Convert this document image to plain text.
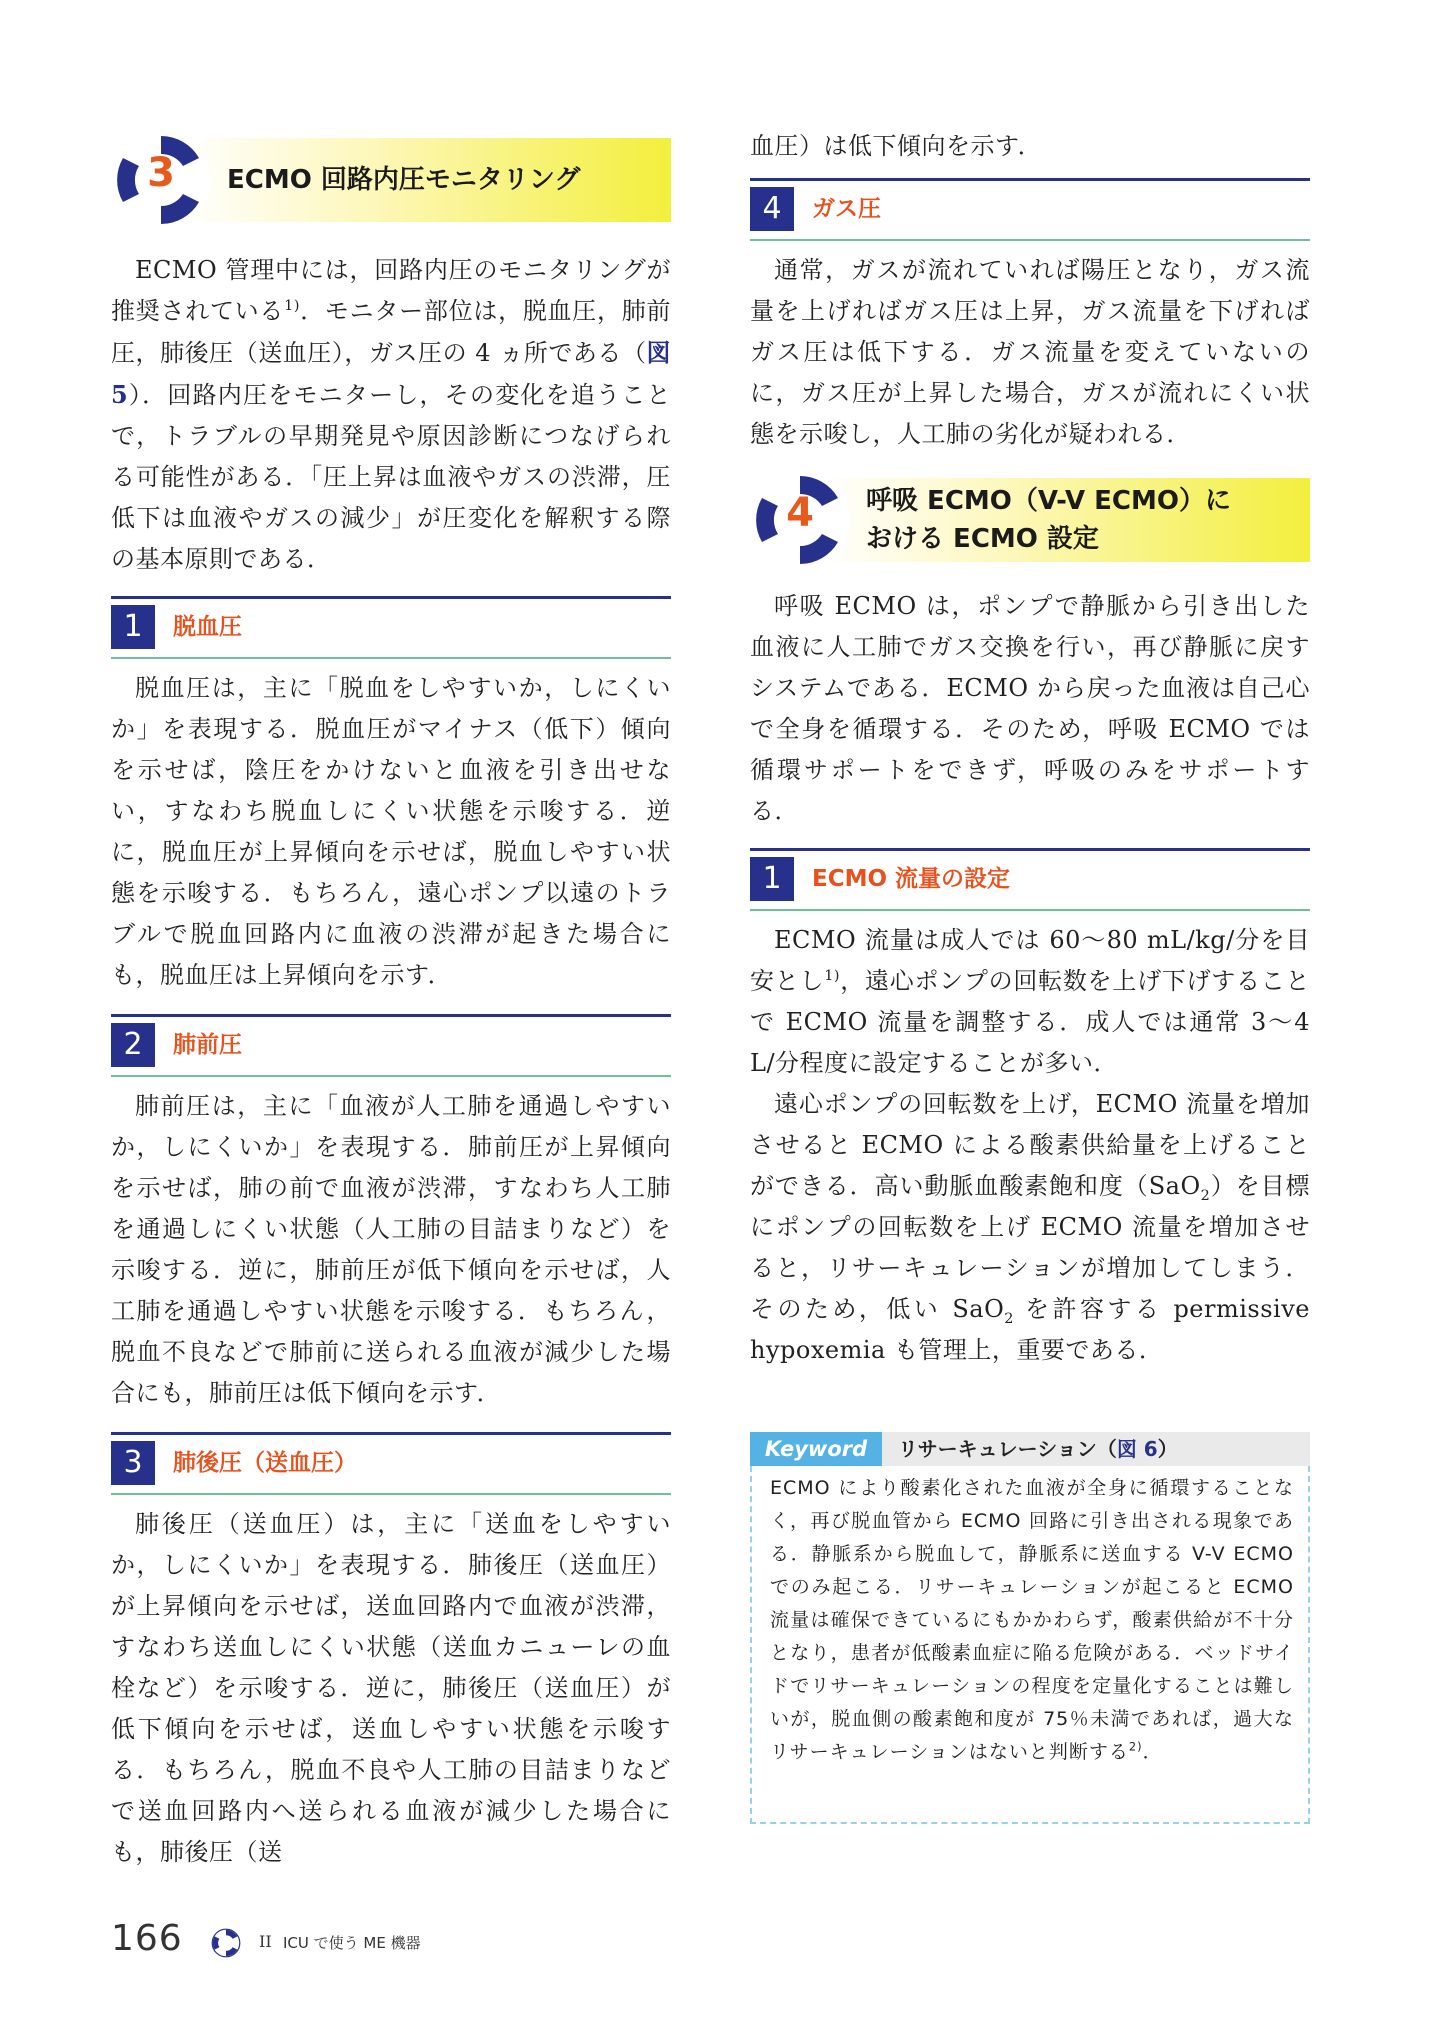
3	ECMO 回路内圧モニタリング

ECMO 管理中には，回路内圧のモニタリングが推奨されている$^{1)}$．モニター部位は，脱血圧，肺前圧，肺後圧（送血圧），ガス圧の 4 ヵ所である（図 5）．回路内圧をモニターし，その変化を追うことで，トラブルの早期発見や原因診断につなげられる可能性がある．「圧上昇は血液やガスの渋滞，圧低下は血液やガスの減少」が圧変化を解釈する際の基本原則である．

1	脱血圧

脱血圧は，主に「脱血をしやすいか，しにくいか」を表現する．脱血圧がマイナス（低下）傾向を示せば，陰圧をかけないと血液を引き出せない，すなわち脱血しにくい状態を示唆する．逆に，脱血圧が上昇傾向を示せば，脱血しやすい状態を示唆する．もちろん，遠心ポンプ以遠のトラブルで脱血回路内に血液の渋滞が起きた場合にも，脱血圧は上昇傾向を示す．

2	肺前圧

肺前圧は，主に「血液が人工肺を通過しやすいか，しにくいか」を表現する．肺前圧が上昇傾向を示せば，肺の前で血液が渋滞，すなわち人工肺を通過しにくい状態（人工肺の目詰まりなど）を示唆する．逆に，肺前圧が低下傾向を示せば，人工肺を通過しやすい状態を示唆する．もちろん，脱血不良などで肺前に送られる血液が減少した場合にも，肺前圧は低下傾向を示す．

3	肺後圧（送血圧）

肺後圧（送血圧）は，主に「送血をしやすいか，しにくいか」を表現する．肺後圧（送血圧）が上昇傾向を示せば，送血回路内で血液が渋滞，すなわち送血しにくい状態（送血カニューレの血栓など）を示唆する．逆に，肺後圧（送血圧）が低下傾向を示せば，送血しやすい状態を示唆する．もちろん，脱血不良や人工肺の目詰まりなどで送血回路内へ送られる血液が減少した場合にも，肺後圧（送

血圧）は低下傾向を示す．

4	ガス圧

通常，ガスが流れていれば陽圧となり，ガス流量を上げればガス圧は上昇，ガス流量を下げればガス圧は低下する．ガス流量を変えていないのに，ガス圧が上昇した場合，ガスが流れにくい状態を示唆し，人工肺の劣化が疑われる．

4	呼吸 ECMO（V-V ECMO）に
おける ECMO 設定

呼吸 ECMO は，ポンプで静脈から引き出した血液に人工肺でガス交換を行い，再び静脈に戻すシステムである．ECMO から戻った血液は自己心で全身を循環する．そのため，呼吸 ECMO では循環サポートをできず，呼吸のみをサポートする．

1	ECMO 流量の設定

ECMO 流量は成人では 60〜80 mL/kg/分を目安とし$^{1)}$，遠心ポンプの回転数を上げ下げすることで ECMO 流量を調整する．成人では通常 3〜4 L/分程度に設定することが多い．

遠心ポンプの回転数を上げ，ECMO 流量を増加させると ECMO による酸素供給量を上げることができる．高い動脈血酸素飽和度（SaO$_2$）を目標にポンプの回転数を上げ ECMO 流量を増加させると，リサーキュレーションが増加してしまう．そのため，低い SaO$_2$ を許容する permissive hypoxemia も管理上，重要である．

Keyword	リサーキュレーション（図 6）
ECMO により酸素化された血液が全身に循環することなく，再び脱血管から ECMO 回路に引き出される現象である．静脈系から脱血して，静脈系に送血する V-V ECMO でのみ起こる．リサーキュレーションが起こると ECMO 流量は確保できているにもかかわらず，酸素供給が不十分となり，患者が低酸素血症に陥る危険がある．ベッドサイドでリサーキュレーションの程度を定量化することは難しいが，脱血側の酸素飽和度が 75％未満であれば，過大なリサーキュレーションはないと判断する$^{2)}$．
166	II ICU で使う ME 機器
